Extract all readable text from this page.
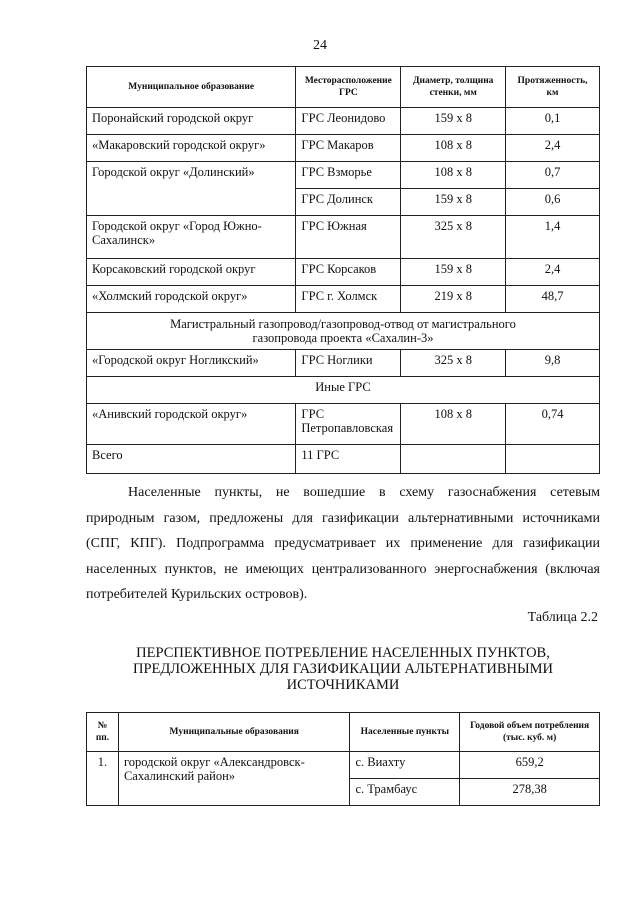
24
Муниципальное образование	Месторасположение ГРС	Диаметр, толщина стенки, мм	Протяженность, км
Поронайский городской округ	ГРС Леонидово	159 х 8	0,1
«Макаровский городской округ»	ГРС Макаров	108 х 8	2,4
Городской округ «Долинский»	ГРС Взморье	108 х 8	0,7
	ГРС Долинск	159 х 8	0,6
Городской округ «Город Южно-Сахалинск»	ГРС Южная	325 х 8	1,4
Корсаковский городской округ	ГРС Корсаков	159 х 8	2,4
«Холмский городской округ»	ГРС г. Холмск	219 х 8	48,7
Магистральный газопровод/газопровод-отвод от магистрального газопровода проекта «Сахалин-3»			
«Городской округ Ногликский»	ГРС Ноглики	325 х 8	9,8
Иные ГРС			
«Анивский городской округ»	ГРС Петропавловская	108 х 8	0,74
Всего	11 ГРС		
Населенные пункты, не вошедшие в схему газоснабжения сетевым природным газом, предложены для газификации альтернативными источниками (СПГ, КПГ). Подпрограмма предусматривает их применение для газификации населенных пунктов, не имеющих централизованного энергоснабжения (включая потребителей Курильских островов).
Таблица 2.2
ПЕРСПЕКТИВНОЕ ПОТРЕБЛЕНИЕ НАСЕЛЕННЫХ ПУНКТОВ, ПРЕДЛОЖЕННЫХ ДЛЯ ГАЗИФИКАЦИИ АЛЬТЕРНАТИВНЫМИ ИСТОЧНИКАМИ
№ пп.	Муниципальные образования	Населенные пункты	Годовой объем потребления (тыс. куб. м)
1.	городской округ «Александровск-Сахалинский район»	с. Виахту	659,2
		с. Трамбаус	278,38
